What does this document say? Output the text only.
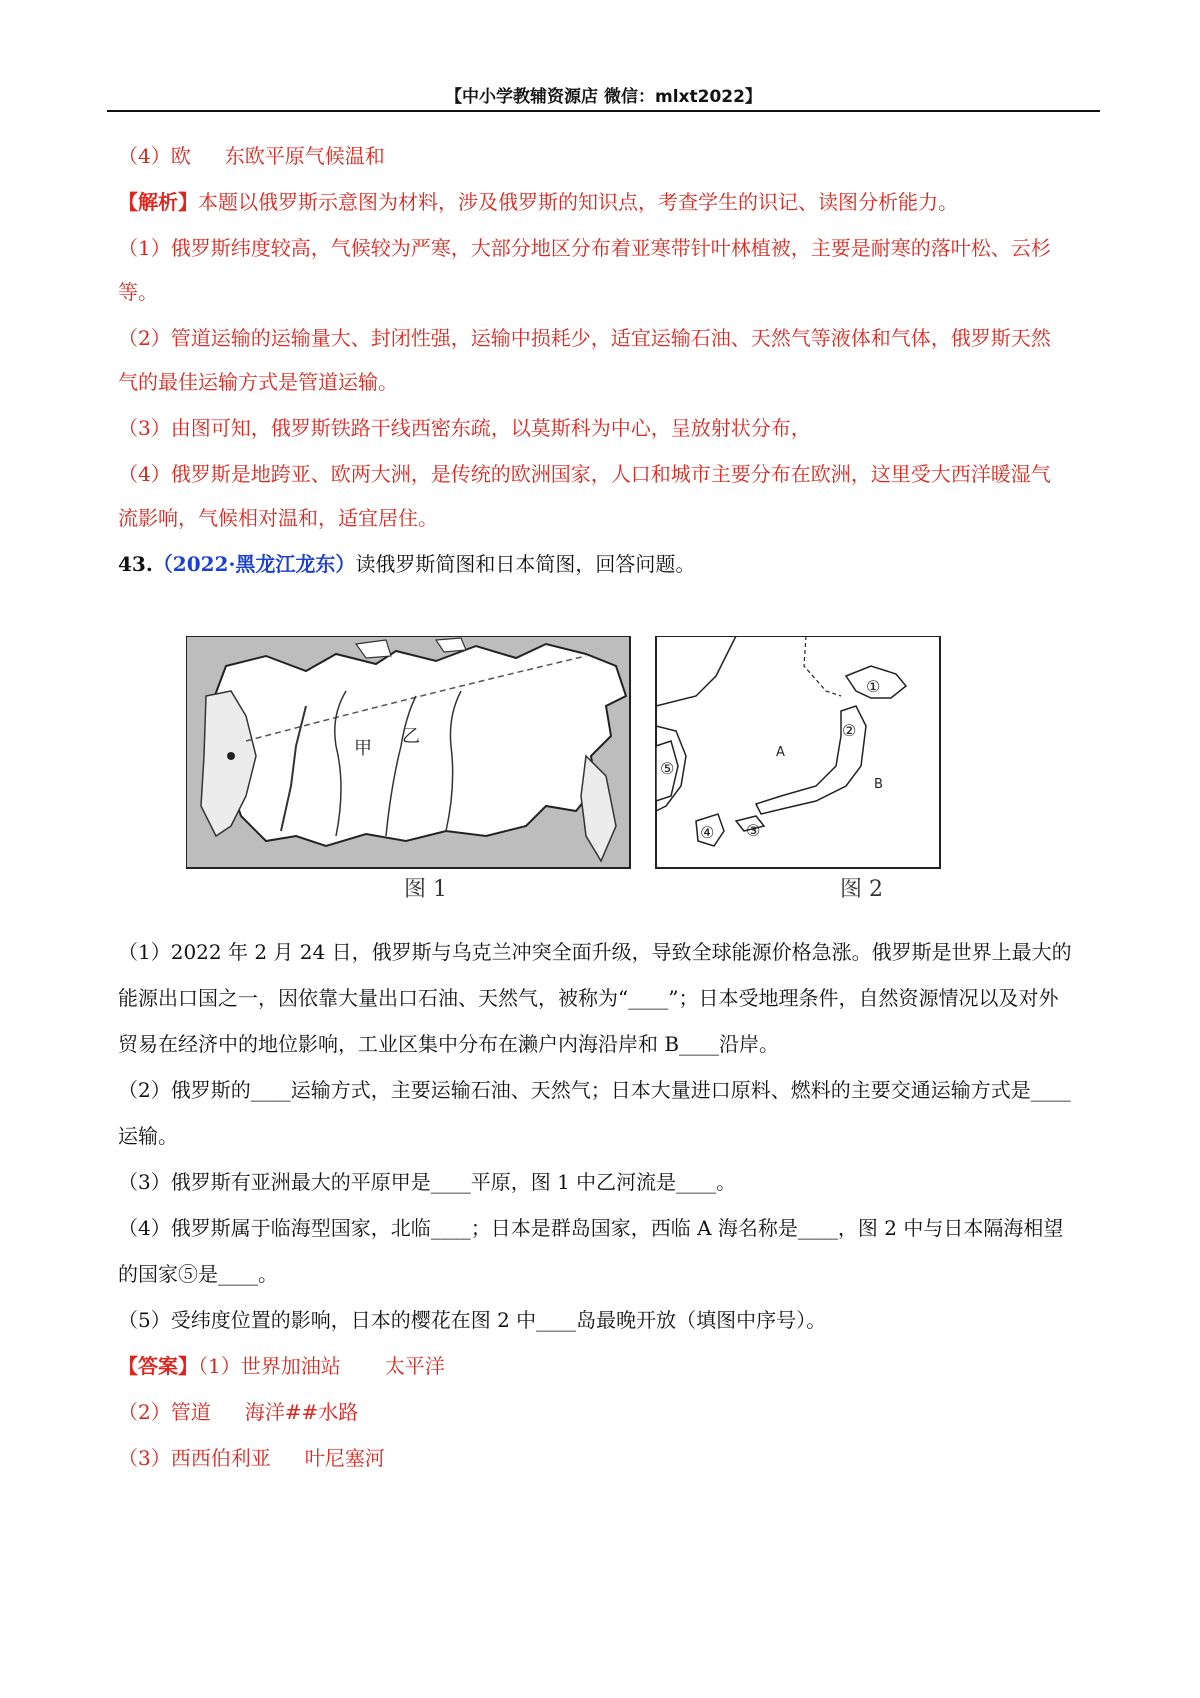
【中小学教辅资源店 微信：mlxt2022】
（4）欧 东欧平原气候温和
【解析】本题以俄罗斯示意图为材料，涉及俄罗斯的知识点，考查学生的识记、读图分析能力。
（1）俄罗斯纬度较高，气候较为严寒，大部分地区分布着亚寒带针叶林植被，主要是耐寒的落叶松、云杉
等。
（2）管道运输的运输量大、封闭性强，运输中损耗少，适宜运输石油、天然气等液体和气体，俄罗斯天然
气的最佳运输方式是管道运输。
（3）由图可知，俄罗斯铁路干线西密东疏，以莫斯科为中心，呈放射状分布，
（4）俄罗斯是地跨亚、欧两大洲，是传统的欧洲国家，人口和城市主要分布在欧洲，这里受大西洋暖湿气
流影响，气候相对温和，适宜居住。
43.（2022·黑龙江龙东）读俄罗斯简图和日本简图，回答问题。
甲
乙
①
②
③
④
⑤
A
B
图 1	图 2
（1）2022 年 2 月 24 日，俄罗斯与乌克兰冲突全面升级，导致全球能源价格急涨。俄罗斯是世界上最大的
能源出口国之一，因依靠大量出口石油、天然气，被称为“____”；日本受地理条件，自然资源情况以及对外
贸易在经济中的地位影响，工业区集中分布在濑户内海沿岸和 B____沿岸。
（2）俄罗斯的____运输方式，主要运输石油、天然气；日本大量进口原料、燃料的主要交通运输方式是____
运输。
（3）俄罗斯有亚洲最大的平原甲是____平原，图 1 中乙河流是____。
（4）俄罗斯属于临海型国家，北临____；日本是群岛国家，西临 A 海名称是____，图 2 中与日本隔海相望
的国家⑤是____。
（5）受纬度位置的影响，日本的樱花在图 2 中____岛最晚开放（填图中序号）。
【答案】（1）世界加油站 太平洋
（2）管道 海洋##水路
（3）西西伯利亚 叶尼塞河
